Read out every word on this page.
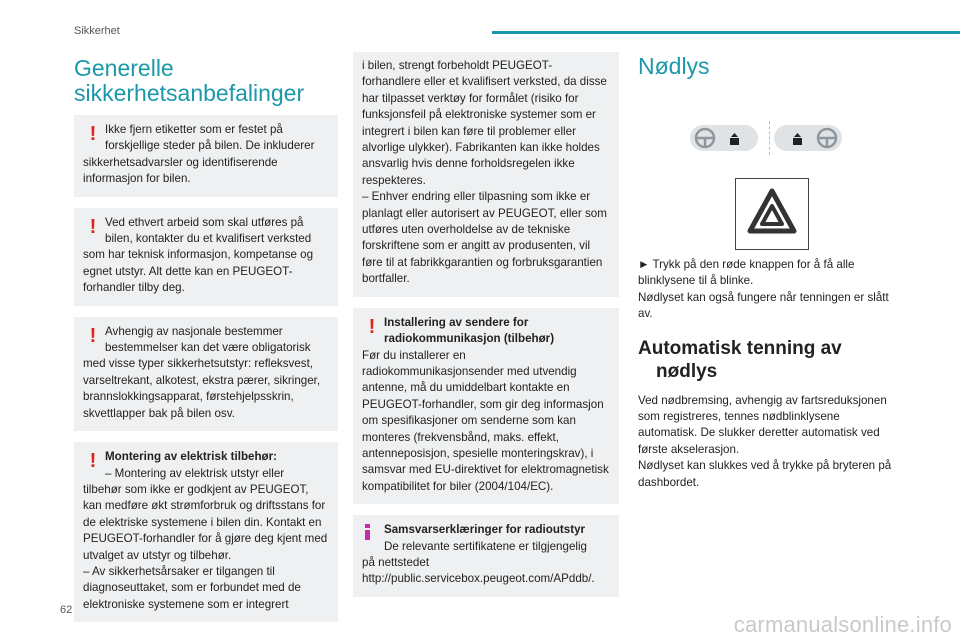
Sikkerhet
Generelle
sikkerhetsanbefalinger
! Ikke fjern etiketter som er festet på
forskjellige steder på bilen. De inkluderer sikkerhetsadvarsler og identifiserende informasjon for bilen.
! Ved ethvert arbeid som skal utføres på
bilen, kontakter du et kvalifisert verksted som har teknisk informasjon, kompetanse og egnet utstyr. Alt dette kan en PEUGEOT-forhandler tilby deg.
! Avhengig av nasjonale bestemmer
bestemmelser kan det være obligatorisk med visse typer sikkerhetsutstyr: refleksvest, varseltrekant, alkotest, ekstra pærer, sikringer, brannslokkingsapparat, førstehjelpsskrin, skvettlapper bak på bilen osv.
! Montering av elektrisk tilbehør:
– Montering av elektrisk utstyr eller

tilbehør som ikke er godkjent av PEUGEOT, kan medføre økt strømforbruk og driftsstans for de elektriske systemene i bilen din. Kontakt en PEUGEOT-forhandler for å gjøre deg kjent med utvalget av utstyr og tilbehør.

– Av sikkerhetsårsaker er tilgangen til diagnoseuttaket, som er forbundet med de elektroniske systemene som er integrert

i bilen, strengt forbeholdt PEUGEOT-forhandlere eller et kvalifisert verksted, da disse har tilpasset verktøy for formålet (risiko for funksjonsfeil på elektroniske systemer som er integrert i bilen kan føre til problemer eller alvorlige ulykker). Fabrikanten kan ikke holdes ansvarlig hvis denne forholdsregelen ikke respekteres.

– Enhver endring eller tilpasning som ikke er planlagt eller autorisert av PEUGEOT, eller som utføres uten overholdelse av de tekniske forskriftene som er angitt av produsenten, vil føre til at fabrikkgarantien og forbruksgarantien bortfaller.

! Installering av sendere for
radiokommunikasjon (tilbehør)

Før du installerer en radiokommunikasjonsender med utvendig antenne, må du umiddelbart kontakte en PEUGEOT-forhandler, som gir deg informasjon om spesifikasjoner om senderne som kan monteres (frekvensbånd, maks. effekt, antenneposisjon, spesielle monteringskrav), i samsvar med EU-direktivet for elektromagnetisk kompatibilitet for biler (2004/104/EC).

Samsvarserklæringer for radioutstyr
De relevante sertifikatene er tilgjengelig
på nettstedet http://public.servicebox.peugeot.com/APddb/.
Nødlys

► Trykk på den røde knappen for å få alle blinklysene til å blinke.

Nødlyset kan også fungere når tenningen er slått av.

Automatisk tenning av
nødlys

Ved nødbremsing, avhengig av fartsreduksjonen som registreres, tennes nødblinklysene automatisk. De slukker deretter automatisk ved første akselerasjon.

Nødlyset kan slukkes ved å trykke på bryteren på dashbordet.

62
carmanualsonline.info
